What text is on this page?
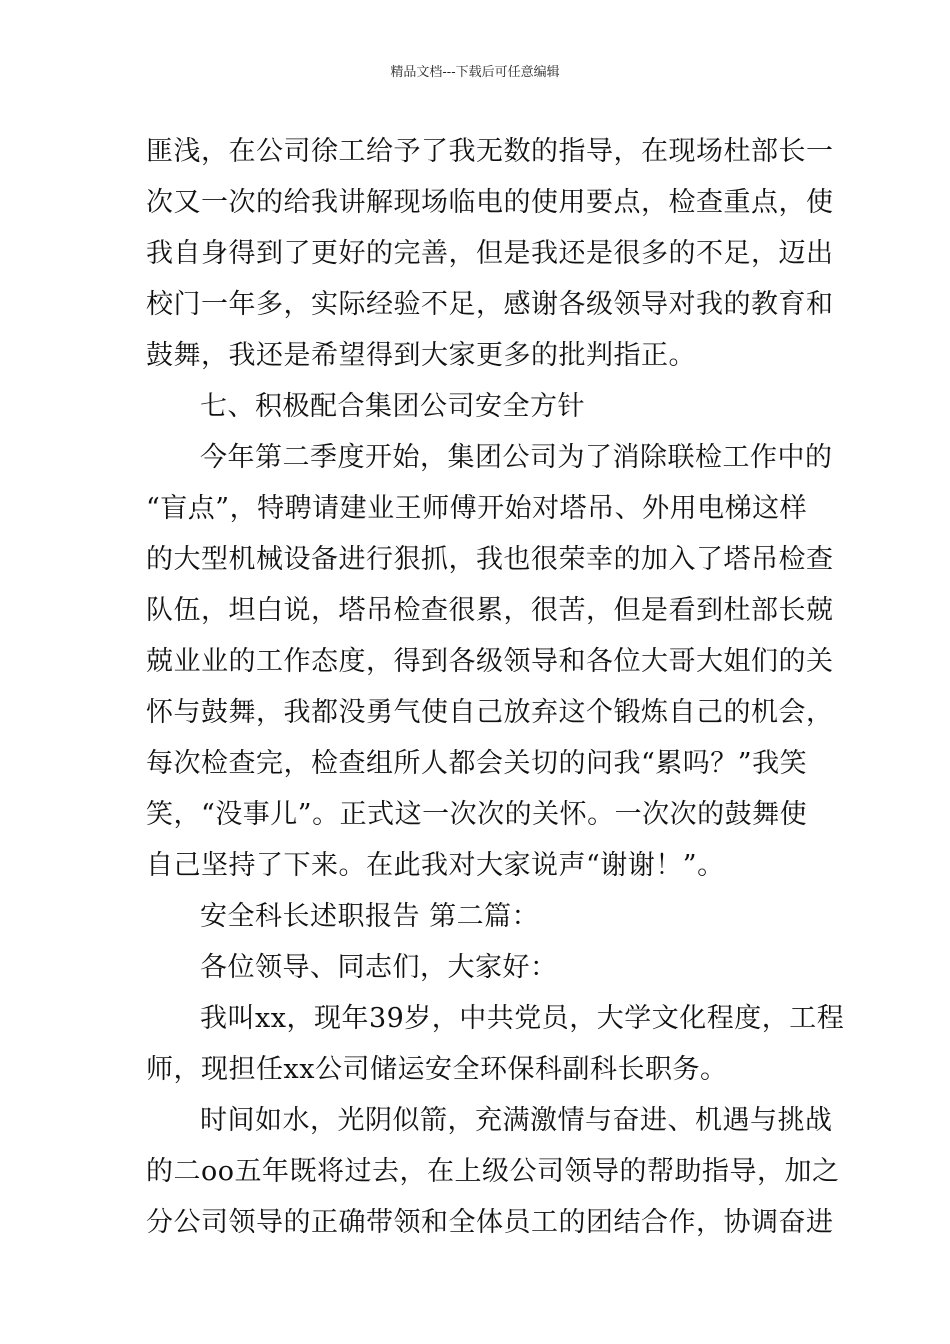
精品文档---下载后可任意编辑
匪浅，在公司徐工给予了我无数的指导，在现场杜部长一
次又一次的给我讲解现场临电的使用要点，检查重点，使
我自身得到了更好的完善，但是我还是很多的不足，迈出
校门一年多，实际经验不足，感谢各级领导对我的教育和
鼓舞，我还是希望得到大家更多的批判指正。
七、积极配合集团公司安全方针
今年第二季度开始，集团公司为了消除联检工作中的
“盲点”，特聘请建业王师傅开始对塔吊、外用电梯这样
的大型机械设备进行狠抓，我也很荣幸的加入了塔吊检查
队伍，坦白说，塔吊检查很累，很苦，但是看到杜部长兢
兢业业的工作态度，得到各级领导和各位大哥大姐们的关
怀与鼓舞，我都没勇气使自己放弃这个锻炼自己的机会，
每次检查完，检查组所人都会关切的问我“累吗？”我笑
笑，“没事儿”。正式这一次次的关怀。一次次的鼓舞使
自己坚持了下来。在此我对大家说声“谢谢！”。
安全科长述职报告 第二篇：
各位领导、同志们，大家好：
我叫xx，现年39岁，中共党员，大学文化程度，工程
师，现担任xx公司储运安全环保科副科长职务。
时间如水，光阴似箭，充满激情与奋进、机遇与挑战
的二oo五年既将过去，在上级公司领导的帮助指导，加之
分公司领导的正确带领和全体员工的团结合作，协调奋进
